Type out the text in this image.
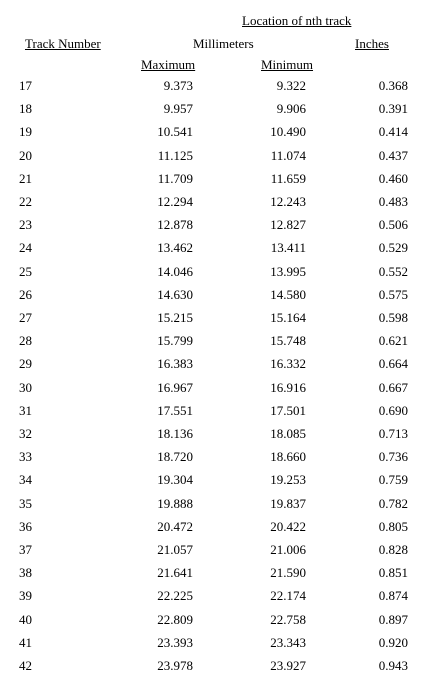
Location of nth track
Track Number	Millimeters	Inches
Maximum	Minimum
17	9.373	9.322	0.368
18	9.957	9.906	0.391
19	10.541	10.490	0.414
20	11.125	11.074	0.437
21	11.709	11.659	0.460
22	12.294	12.243	0.483
23	12.878	12.827	0.506
24	13.462	13.411	0.529
25	14.046	13.995	0.552
26	14.630	14.580	0.575
27	15.215	15.164	0.598
28	15.799	15.748	0.621
29	16.383	16.332	0.664
30	16.967	16.916	0.667
31	17.551	17.501	0.690
32	18.136	18.085	0.713
33	18.720	18.660	0.736
34	19.304	19.253	0.759
35	19.888	19.837	0.782
36	20.472	20.422	0.805
37	21.057	21.006	0.828
38	21.641	21.590	0.851
39	22.225	22.174	0.874
40	22.809	22.758	0.897
41	23.393	23.343	0.920
42	23.978	23.927	0.943
